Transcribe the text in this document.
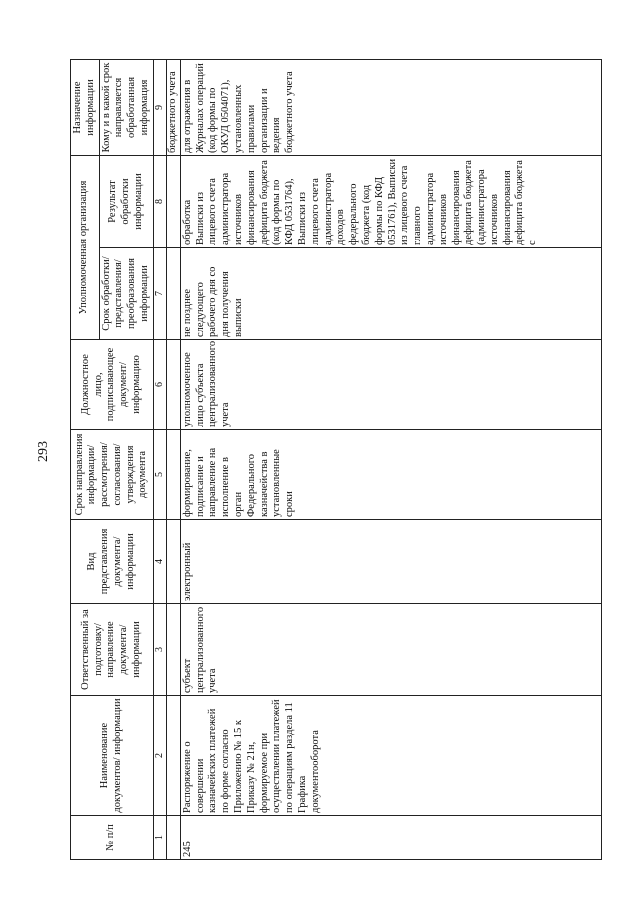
293
№ п/п	Наименование документов/ информации	Ответственный за подготовку/ направление документа/ информации	Вид представления документа/ информации	Срок направления информации/ рассмотрения/ согласования/ утверждения документа	Должностное лицо, подписывающее документ/ информацию	Уполномоченная организация		Назначение информации
						Срок обработки/ представления/ преобразования информации	Результат обработки информации	Кому и в какой срок направляется обработанная информация
1	2	3	4	5	6	7	8	9
								бюджетного учета
245	Распоряжение о совершении казначейских платежей по форме согласно Приложению № 15 к Приказу № 21н, формируемое при осуществлении платежей по операциям раздела 11 Графика документооборота	субъект централизованного учета	электронный	формирование, подписание и направление на исполнение в орган Федерального казначейства в установленные сроки	уполномоченное лицо субъекта централизованного учета	не позднее следующего рабочего дня со дня получения выписки	обработка Выписки из лицевого счета администратора источников финансирования дефицита бюджета (код формы по КФД 0531764), Выписки из лицевого счета администратора доходов федерального бюджета (код формы по КФД 0531761), Выписки из лицевого счета главного администратора источников финансирования дефицита бюджета (администратора источников финансирования дефицита бюджета с	для отражения в Журналах операций (код формы по ОКУД 0504071), установленных правилами организации и ведения бюджетного учета
